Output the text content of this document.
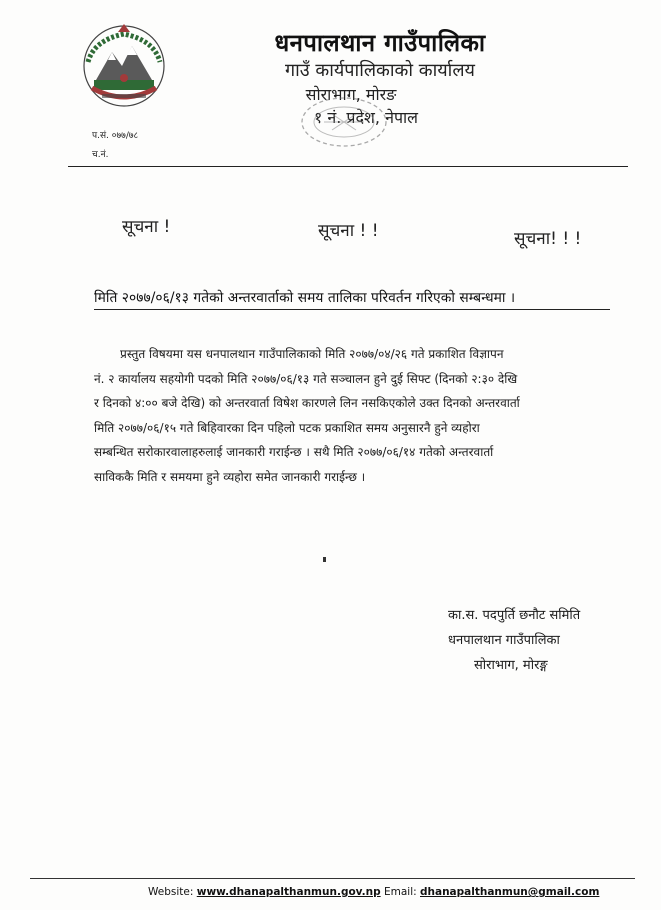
धनपालथान गाउँपालिका
गाउँ कार्यपालिकाको कार्यालय
सोराभाग, मोरङ
१ नं. प्रदेश, नेपाल
प.सं. ०७७/७८
च.नं.
सूचना !	सूचना ! !	सूचना! ! !
मिति २०७७/०६/१३ गतेको अन्तरवार्ताको समय तालिका परिवर्तन गरिएको सम्बन्धमा ।
प्रस्तुत विषयमा यस धनपालथान गाउँपालिकाको मिति २०७७/०४/२६ गते प्रकाशित विज्ञापन
नं. २ कार्यालय सहयोगी पदको मिति २०७७/०६/१३ गते सञ्चालन हुने दुई सिफ्ट (दिनको २:३० देखि
र दिनको ४:०० बजे देखि) को अन्तरवार्ता विषेश कारणले लिन नसकिएकोले उक्त दिनको अन्तरवार्ता
मिति २०७७/०६/१५ गते बिहिवारका दिन पहिलो पटक प्रकाशित समय अनुसारनै हुने व्यहोरा
सम्बन्धित सरोकारवालाहरुलाई जानकारी गराईन्छ । सथै मिति २०७७/०६/१४ गतेको अन्तरवार्ता
साविककै मिति र समयमा हुने व्यहोरा समेत जानकारी गराईन्छ ।
का.स. पदपुर्ति छनौट समिति
धनपालथान गाउँपालिका
सोराभाग, मोरङ्ग
Website: www.dhanapalthanmun.gov.np Email: dhanapalthanmun@gmail.com
